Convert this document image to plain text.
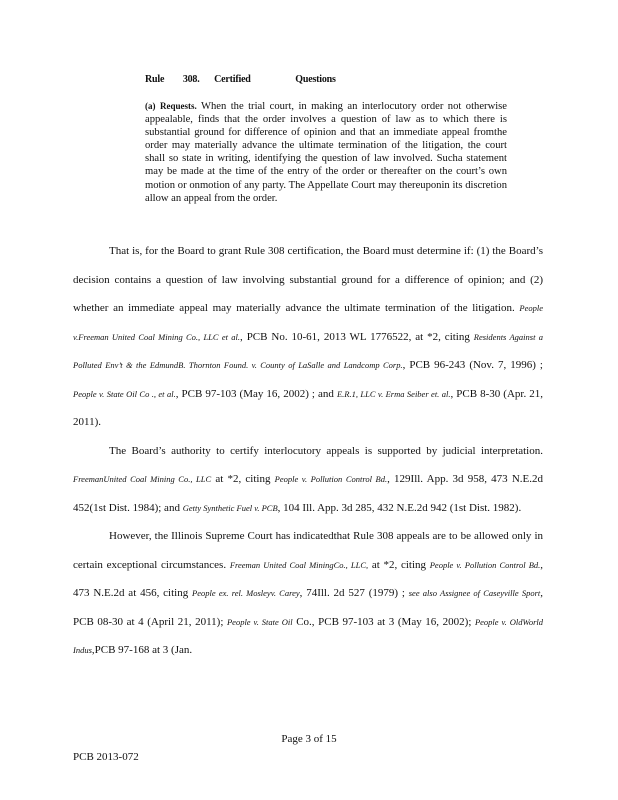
Rule 308. Certified	Questions
(a) Requests. When the trial court, in making an interlocutory order not otherwise appealable, finds that the order involves a question of law as to which there is substantial ground for difference of opinion and that an immediate appeal fromthe order may materially advance the ultimate termination of the litigation, the court shall so state in writing, identifying the question of law involved. Sucha statement may be made at the time of the entry of the order or thereafter on the court’s own motion or onmotion of any party. The Appellate Court may thereuponin its discretion allow an appeal from the order.

That is, for the Board to grant Rule 308 certification, the Board must determine if: (1) the Board’s decision contains a question of law involving substantial ground for a difference of opinion; and (2) whether an immediate appeal may materially advance the ultimate termination of the litigation. People v.Freeman United Coal Mining Co., LLC et al., PCB No. 10-61, 2013 WL 1776522, at *2, citing Residents Against a Polluted Env’t & the EdmundB. Thornton Found. v. County of LaSalle and Landcomp Corp., PCB 96-243 (Nov. 7, 1996) ; People v. State Oil Co ., et al., PCB 97-103 (May 16, 2002) ; and E.R.1, LLC v. Erma Seiber et. al., PCB 8-30 (Apr. 21, 2011).

The Board’s authority to certify interlocutory appeals is supported by judicial interpretation. FreemanUnited Coal Mining Co., LLC at *2, citing People v. Pollution Control Bd., 129Ill. App. 3d 958, 473 N.E.2d 452(1st Dist. 1984); and Getty Synthetic Fuel v. PCB, 104 Ill. App. 3d 285, 432 N.E.2d 942 (1st Dist. 1982).

However, the Illinois Supreme Court has indicatedthat Rule 308 appeals are to be allowed only in certain exceptional circumstances. Freeman United Coal MiningCo., LLC, at *2, citing People v. Pollution Control Bd., 473 N.E.2d at 456, citing People ex. rel. Mosleyv. Carey, 74Ill. 2d 527 (1979) ; see also Assignee of Caseyville Sport, PCB 08-30 at 4 (April 21, 2011); People v. State Oil Co., PCB 97-103 at 3 (May 16, 2002); People v. OldWorld Indus,PCB 97-168 at 3 (Jan.

Page 3 of 15
PCB 2013-072
